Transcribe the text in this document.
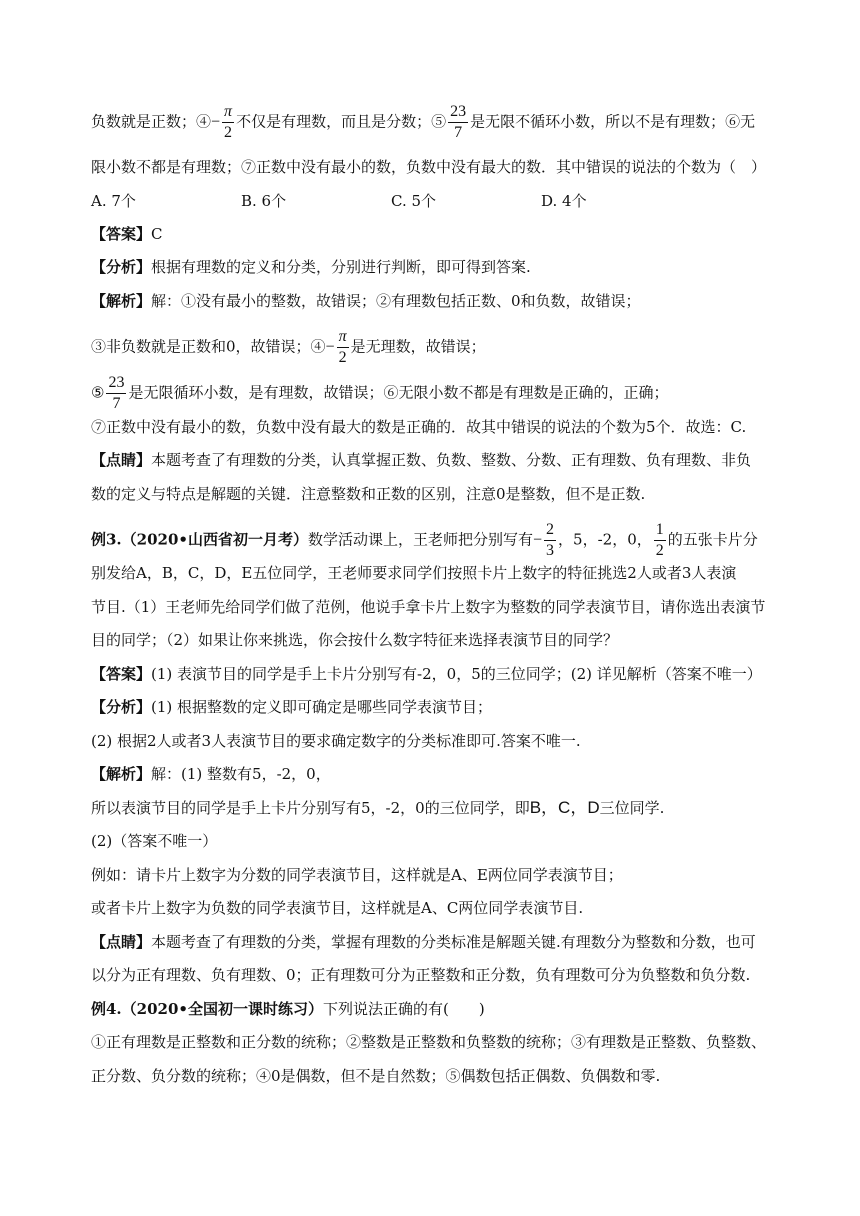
负数就是正数；④− $\frac{\pi}{2}$ 不仅是有理数，而且是分数；⑤ $\frac{23}{7}$ 是无限不循环小数，所以不是有理数；⑥无
限小数不都是有理数；⑦正数中没有最小的数，负数中没有最大的数．其中错误的说法的个数为（　）
A. 7个	B. 6个	C. 5个	D. 4个
【答案】C
【分析】根据有理数的定义和分类，分别进行判断，即可得到答案.
【解析】解：①没有最小的整数，故错误；②有理数包括正数、0和负数，故错误；
③非负数就是正数和0，故错误；④− $\frac{\pi}{2}$ 是无理数，故错误；
⑤ $\frac{23}{7}$ 是无限循环小数，是有理数，故错误；⑥无限小数不都是有理数是正确的，正确；
⑦正数中没有最小的数，负数中没有最大的数是正确的．故其中错误的说法的个数为5个．故选：C.
【点睛】本题考查了有理数的分类，认真掌握正数、负数、整数、分数、正有理数、负有理数、非负
数的定义与特点是解题的关键．注意整数和正数的区别，注意0是整数，但不是正数.
例3.（2020•山西省初一月考）数学活动课上，王老师把分别写有− $\frac{2}{3}$ ，5，-2，0， $\frac{1}{2}$ 的五张卡片分
别发给A，B，C，D，E五位同学，王老师要求同学们按照卡片上数字的特征挑选2人或者3人表演
节目.（1）王老师先给同学们做了范例，他说手拿卡片上数字为整数的同学表演节目，请你选出表演节
目的同学；（2）如果让你来挑选，你会按什么数字特征来选择表演节目的同学？
【答案】(1) 表演节目的同学是手上卡片分别写有-2，0，5的三位同学；(2) 详见解析（答案不唯一）
【分析】(1) 根据整数的定义即可确定是哪些同学表演节目；
(2) 根据2人或者3人表演节目的要求确定数字的分类标准即可.答案不唯一.
【解析】解：(1) 整数有5，-2，0，
所以表演节目的同学是手上卡片分别写有5，-2，0的三位同学，即B，C，D三位同学.
(2)（答案不唯一）
例如：请卡片上数字为分数的同学表演节目，这样就是A、E两位同学表演节目；
或者卡片上数字为负数的同学表演节目，这样就是A、C两位同学表演节目.
【点睛】本题考查了有理数的分类，掌握有理数的分类标准是解题关键.有理数分为整数和分数，也可
以分为正有理数、负有理数、0；正有理数可分为正整数和正分数，负有理数可分为负整数和负分数.
例4.（2020•全国初一课时练习）下列说法正确的有(　　)
①正有理数是正整数和正分数的统称；②整数是正整数和负整数的统称；③有理数是正整数、负整数、
正分数、负分数的统称；④0是偶数，但不是自然数；⑤偶数包括正偶数、负偶数和零.
